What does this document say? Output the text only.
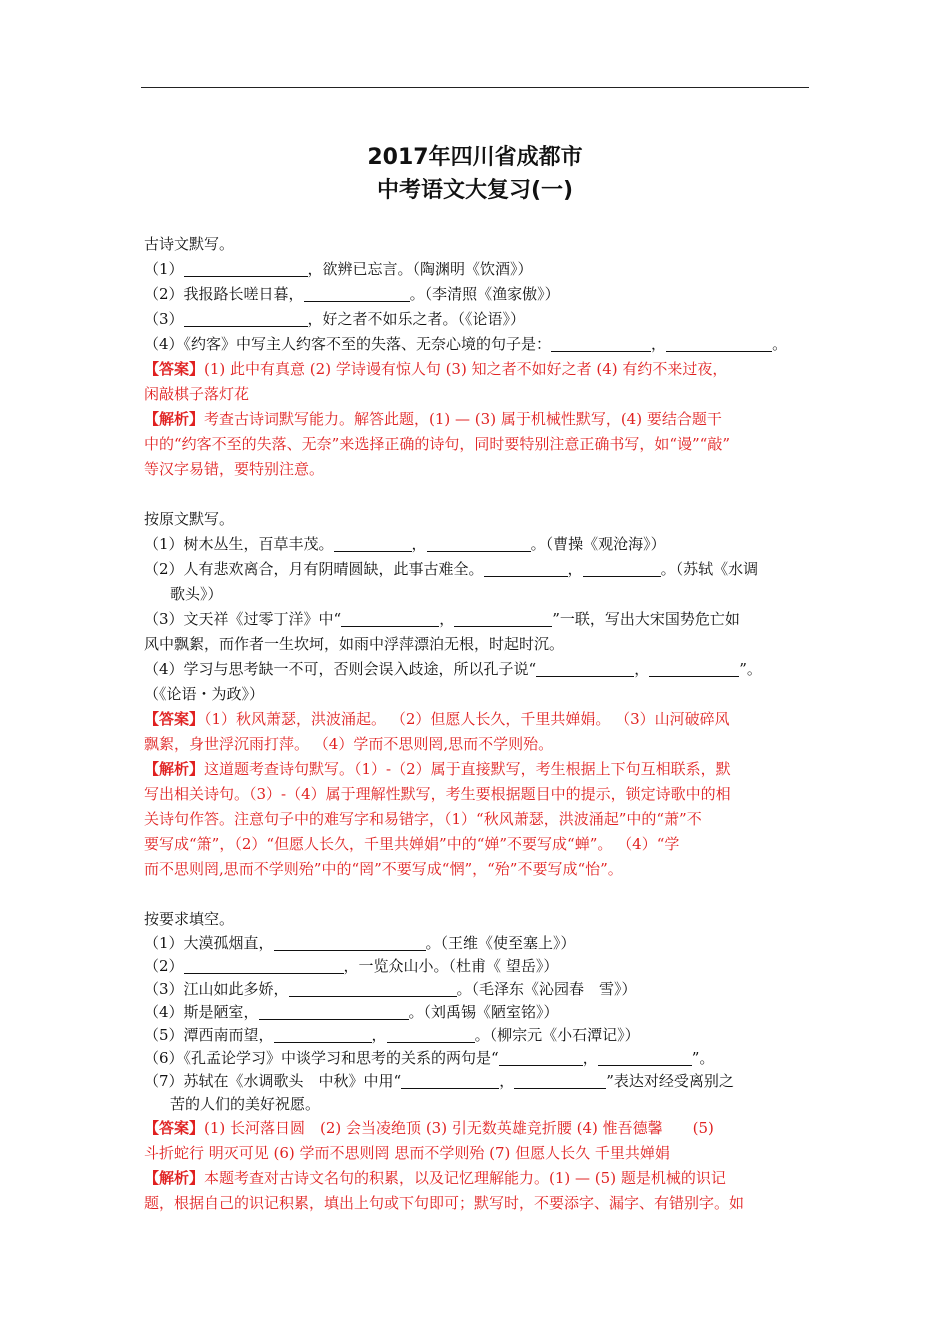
2017年四川省成都市
中考语文大复习(一)
古诗文默写。
（1）	，欲辨已忘言。（陶渊明《饮酒》）
（2）我报路长嗟日暮，	。（李清照《渔家傲》）
（3）	，好之者不如乐之者。（《论语》）
（4）《约客》中写主人约客不至的失落、无奈心境的句子是：	，	。
【答案】(1) 此中有真意 (2) 学诗谩有惊人句 (3) 知之者不如好之者 (4) 有约不来过夜，
闲敲棋子落灯花
【解析】考查古诗词默写能力。解答此题，(1) — (3) 属于机械性默写，(4) 要结合题干
中的“约客不至的失落、无奈”来选择正确的诗句，同时要特别注意正确书写，如“谩”“敲”
等汉字易错，要特别注意。
按原文默写。
（1）树木丛生，百草丰茂。	，	。（曹操《观沧海》）
（2）人有悲欢离合，月有阴晴圆缺，此事古难全。	，	。（苏轼《水调
歌头》）
（3）文天祥《过零丁洋》中“	，	”一联，写出大宋国势危亡如
风中飘絮，而作者一生坎坷，如雨中浮萍漂泊无根，时起时沉。
（4）学习与思考缺一不可，否则会误入歧途，所以孔子说“	，	”。
（《论语・为政》）
【答案】（1）秋风萧瑟，洪波涌起。 （2）但愿人长久，千里共婵娟。 （3）山河破碎风
飘絮，身世浮沉雨打萍。 （4）学而不思则罔,思而不学则殆。
【解析】这道题考查诗句默写。（1）-（2）属于直接默写，考生根据上下句互相联系，默
写出相关诗句。（3）-（4）属于理解性默写，考生要根据题目中的提示，锁定诗歌中的相
关诗句作答。注意句子中的难写字和易错字，（1）“秋风萧瑟，洪波涌起”中的“萧”不
要写成“箫”，（2）“但愿人长久，千里共婵娟”中的“婵”不要写成“蝉”。 （4）“学
而不思则罔,思而不学则殆”中的“罔”不要写成“惘”，“殆”不要写成“怡”。
按要求填空。
（1）大漠孤烟直，	。（王维《使至塞上》）
（2）	，一览众山小。（杜甫《 望岳》）
（3）江山如此多娇，	。（毛泽东《沁园春　雪》）
（4）斯是陋室，	。（刘禹锡《陋室铭》）
（5）潭西南而望，	，	。（柳宗元《小石潭记》）
（6）《孔孟论学习》中谈学习和思考的关系的两句是“	，	”。
（7）苏轼在《水调歌头　中秋》中用“	，	”表达对经受离别之
苦的人们的美好祝愿。
【答案】(1) 长河落日圆　(2) 会当凌绝顶 (3) 引无数英雄竞折腰 (4) 惟吾德馨　　(5)
斗折蛇行 明灭可见 (6) 学而不思则罔 思而不学则殆 (7) 但愿人长久 千里共婵娟
【解析】本题考查对古诗文名句的积累，以及记忆理解能力。(1) — (5) 题是机械的识记
题，根据自己的识记积累，填出上句或下句即可；默写时，不要添字、漏字、有错别字。如
